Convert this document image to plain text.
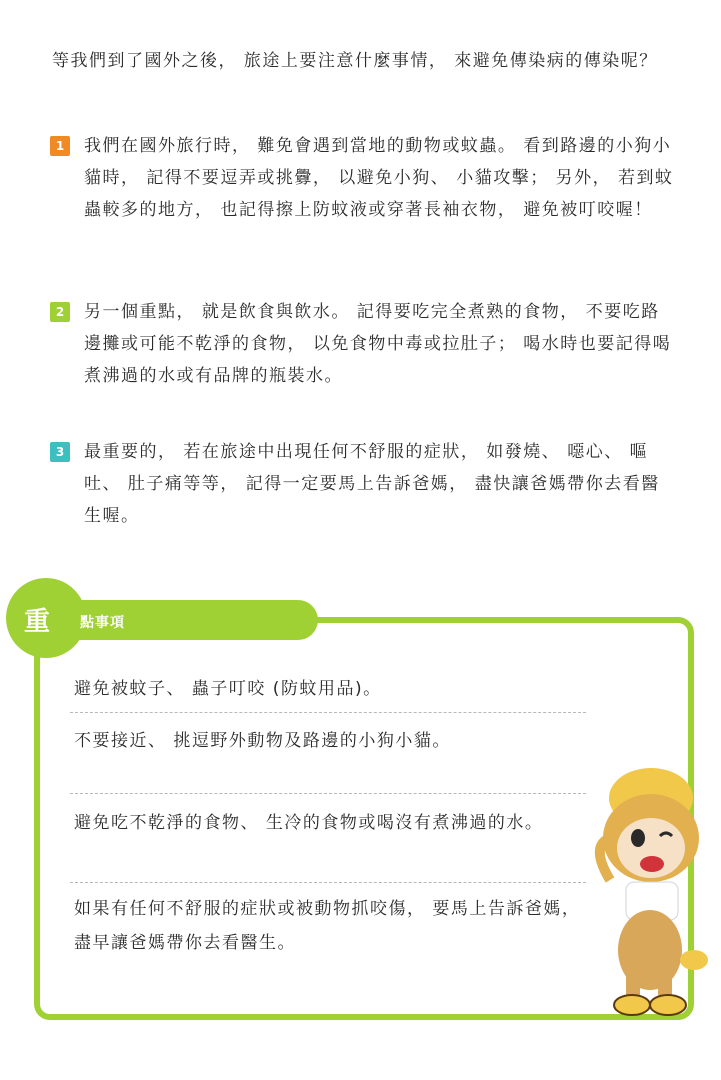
等我們到了國外之後， 旅途上要注意什麼事情， 來避免傳染病的傳染呢？
1	我們在國外旅行時， 難免會遇到當地的動物或蚊蟲。 看到路邊的小狗小貓時， 記得不要逗弄或挑釁， 以避免小狗、 小貓攻擊； 另外， 若到蚊蟲較多的地方， 也記得擦上防蚊液或穿著長袖衣物， 避免被叮咬喔！
2	另一個重點， 就是飲食與飲水。 記得要吃完全煮熟的食物， 不要吃路邊攤或可能不乾淨的食物， 以免食物中毒或拉肚子； 喝水時也要記得喝煮沸過的水或有品牌的瓶裝水。
3	最重要的， 若在旅途中出現任何不舒服的症狀， 如發燒、 噁心、 嘔吐、 肚子痛等等， 記得一定要馬上告訴爸媽， 盡快讓爸媽帶你去看醫生喔。
重 點事項
避免被蚊子、 蟲子叮咬 (防蚊用品)。
不要接近、 挑逗野外動物及路邊的小狗小貓。
避免吃不乾淨的食物、 生冷的食物或喝沒有煮沸過的水。
如果有任何不舒服的症狀或被動物抓咬傷， 要馬上告訴爸媽， 盡早讓爸媽帶你去看醫生。
